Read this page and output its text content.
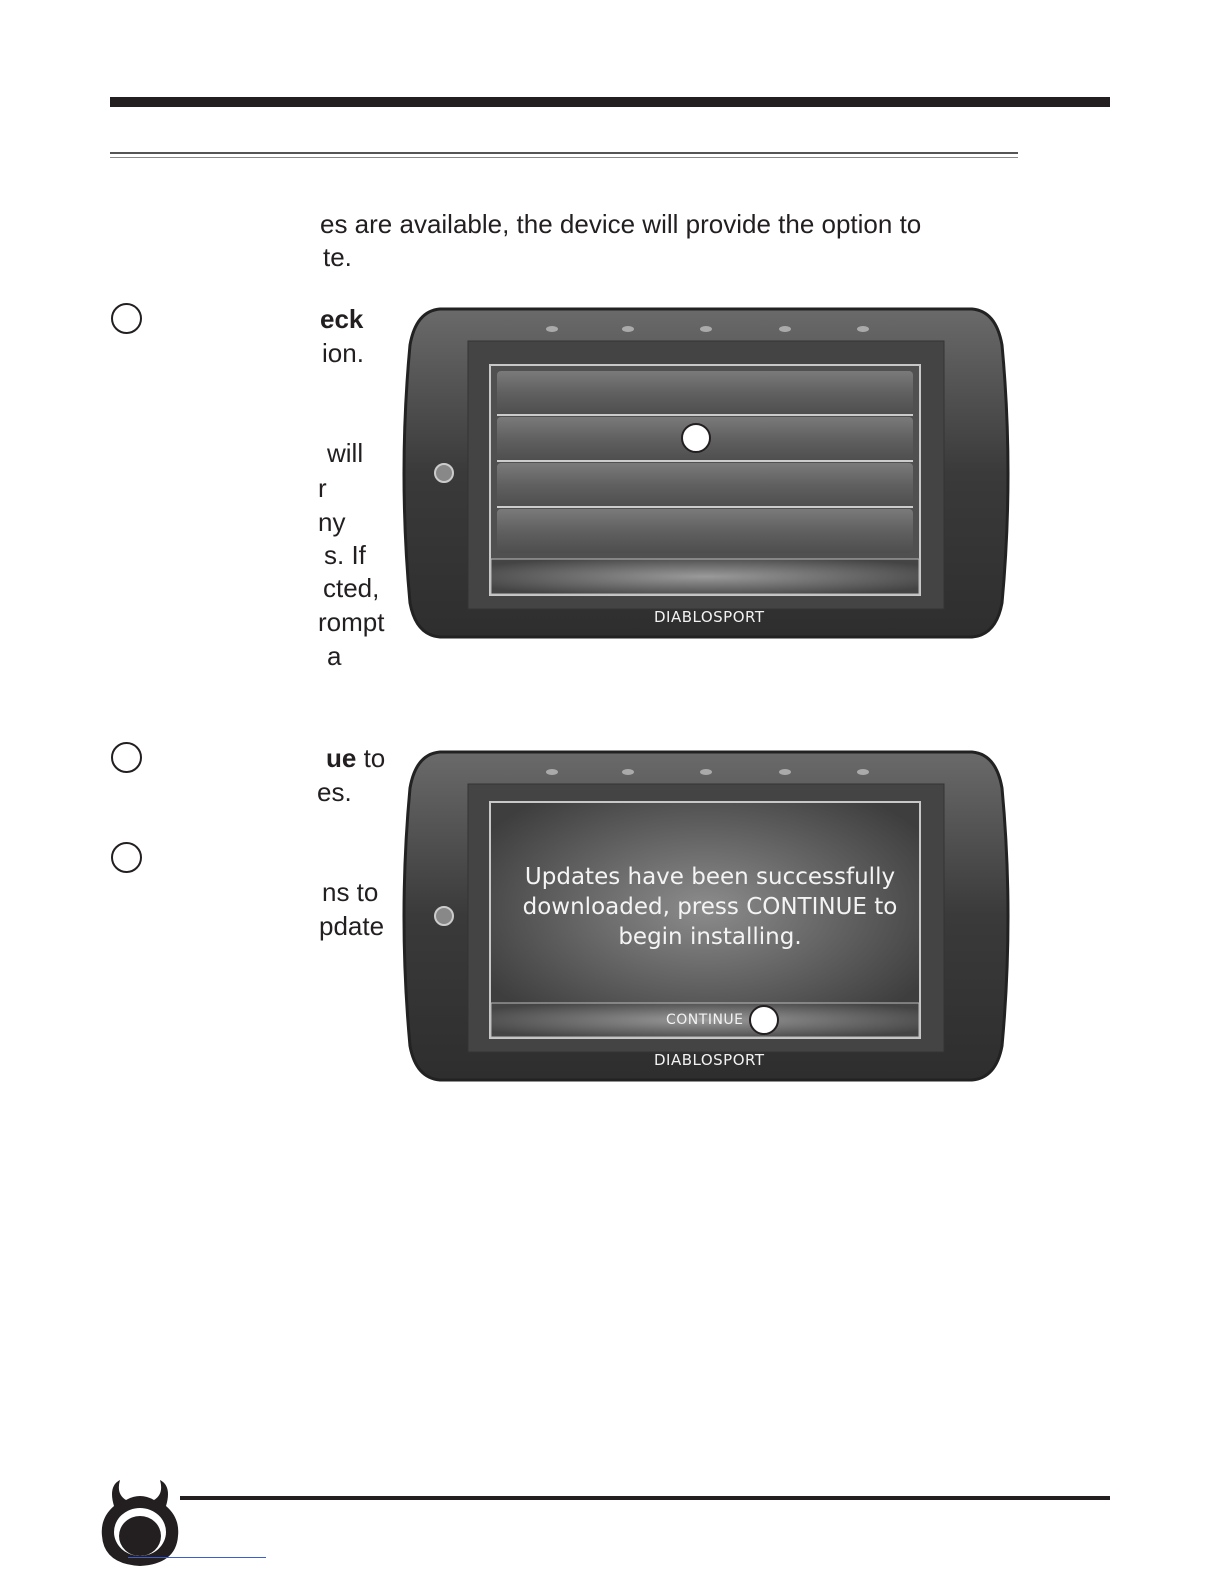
es are available, the device will provide the option to
te.
eck
ion.
will
r
ny
s. If
cted,
rompt
a
ue to
es.
ns to
pdate
DIABLOSPORT
Updates have been successfully
downloaded, press CONTINUE to
begin installing.
CONTINUE
DIABLOSPORT
